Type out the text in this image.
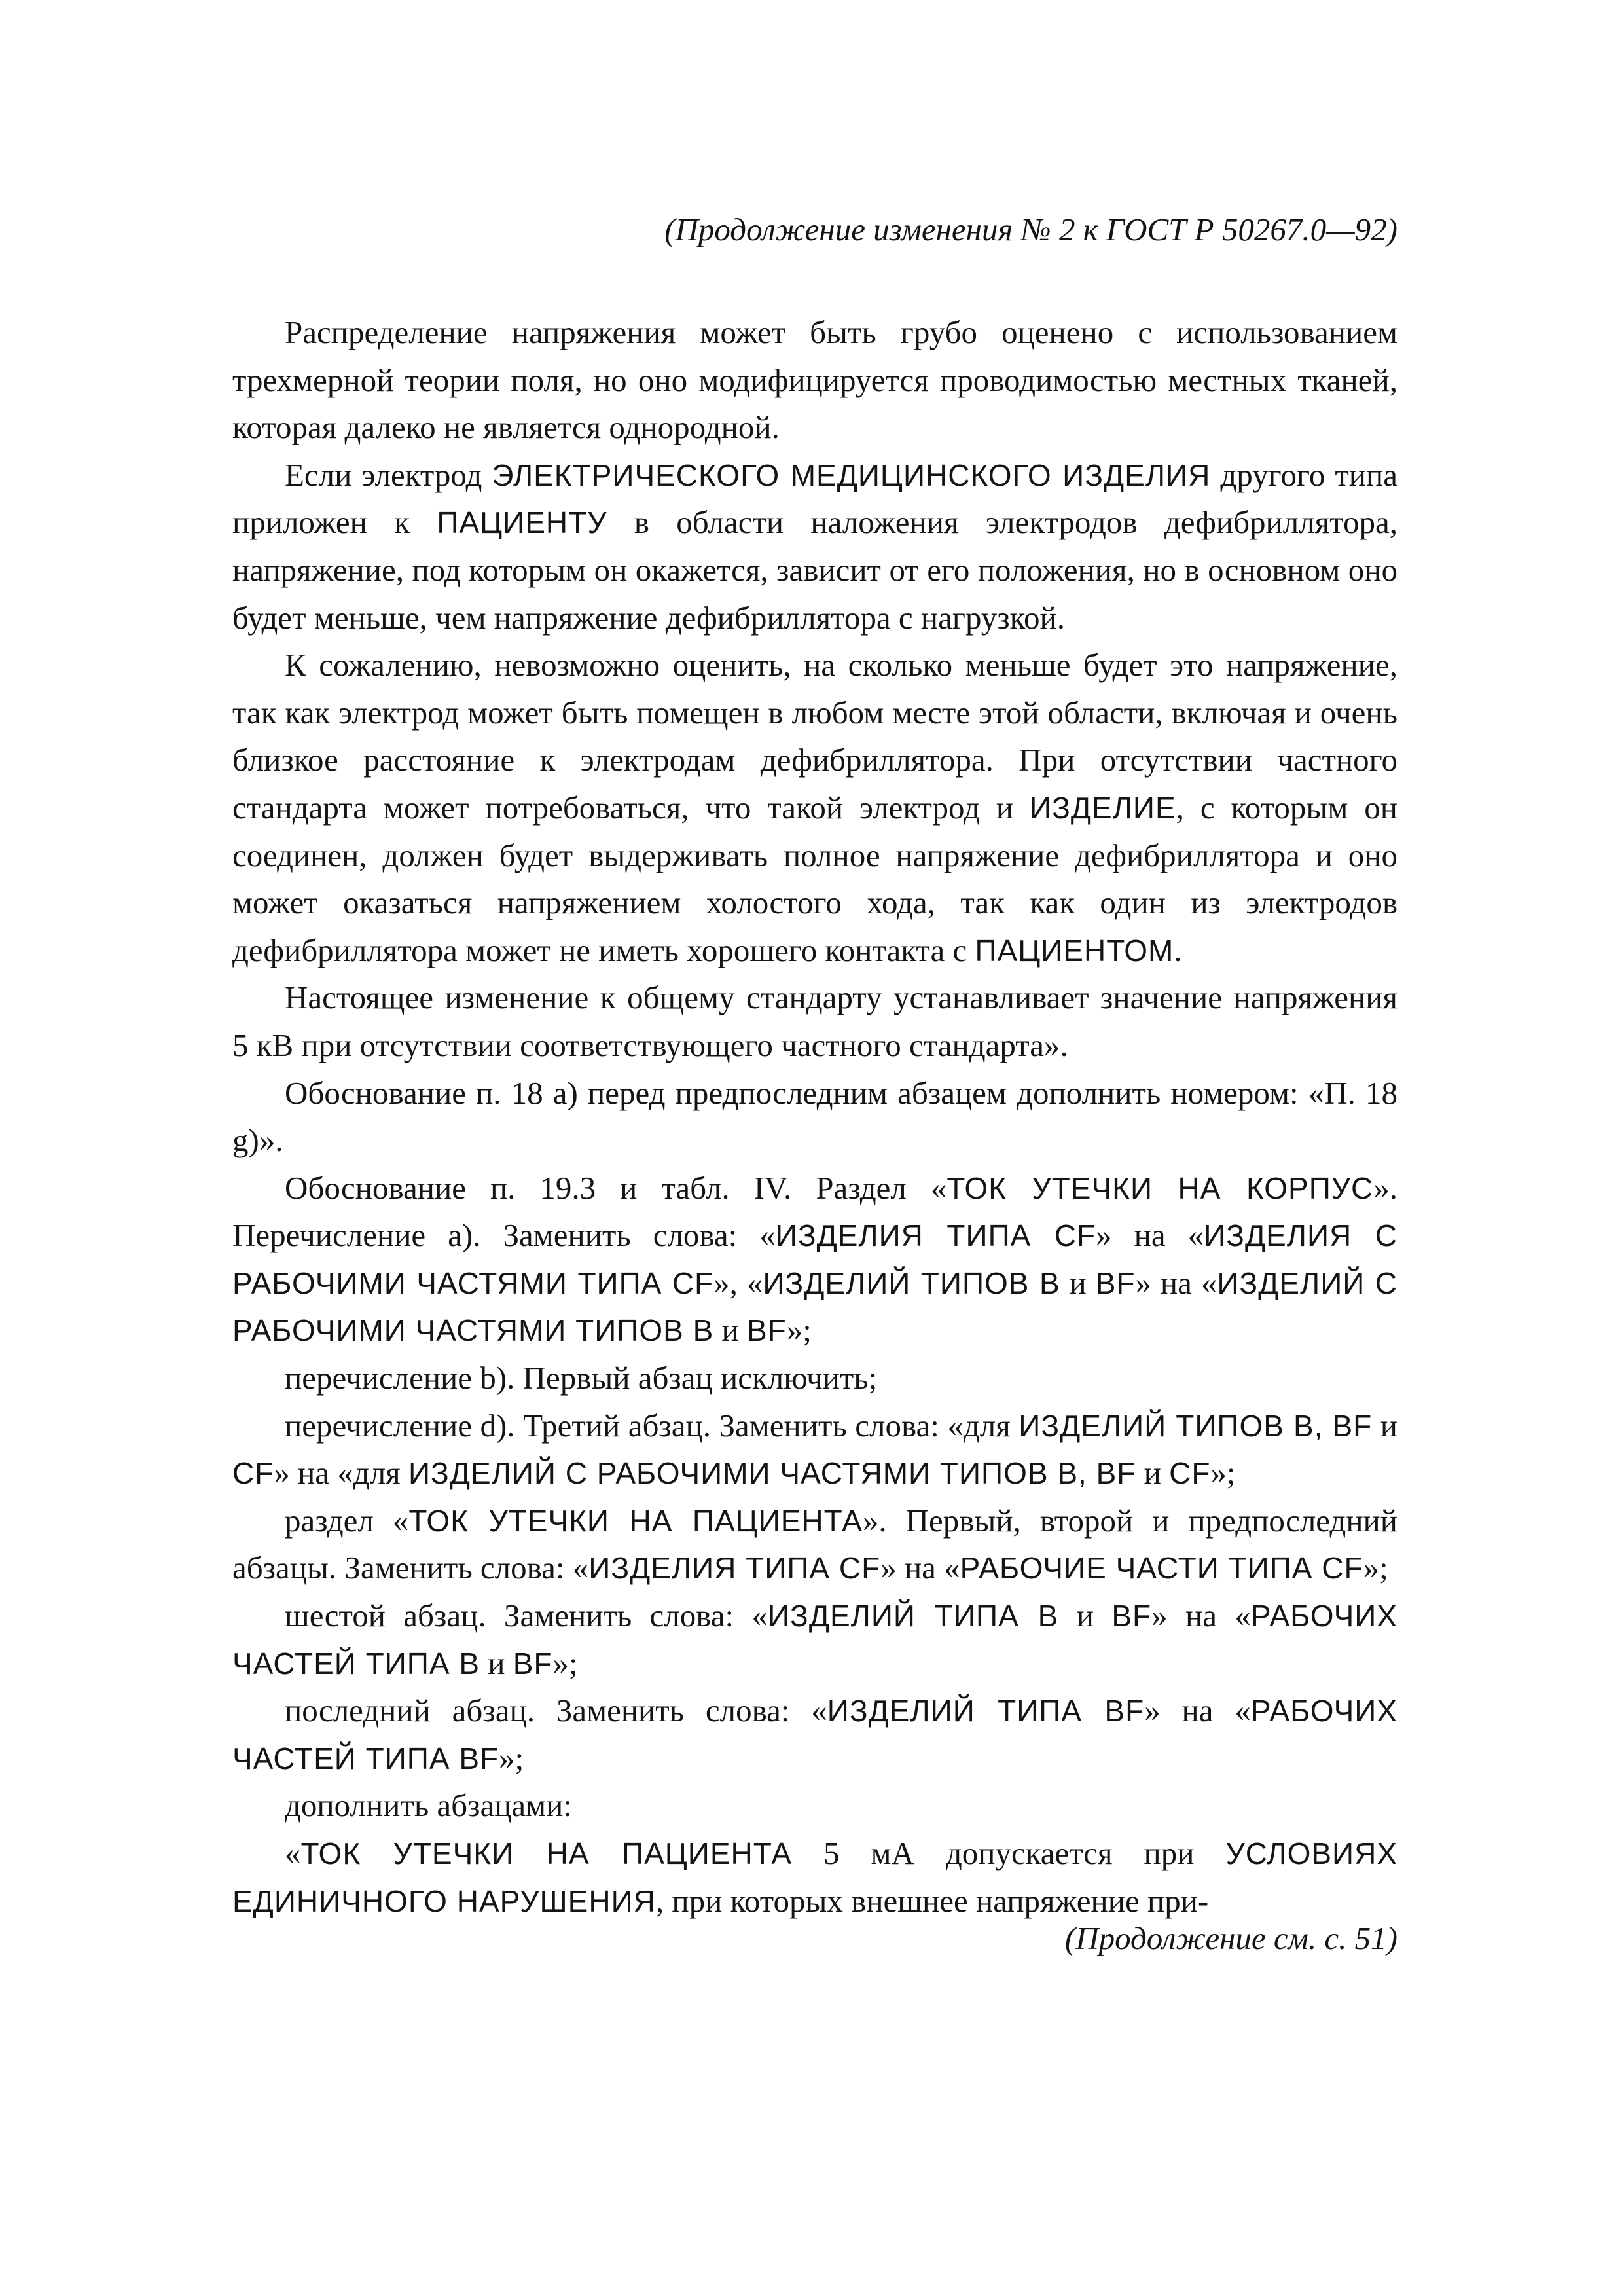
(Продолжение изменения № 2 к ГОСТ Р 50267.0—92)

Распределение напряжения может быть грубо оценено с использованием трехмерной теории поля, но оно модифицируется проводимостью местных тканей, которая далеко не является однородной.

Если электрод ЭЛЕКТРИЧЕСКОГО МЕДИЦИНСКОГО ИЗДЕЛИЯ другого типа приложен к ПАЦИЕНТУ в области наложения электродов дефибриллятора, напряжение, под которым он окажется, зависит от его положения, но в основном оно будет меньше, чем напряжение дефибриллятора с нагрузкой.

К сожалению, невозможно оценить, на сколько меньше будет это напряжение, так как электрод может быть помещен в любом месте этой области, включая и очень близкое расстояние к электродам дефибриллятора. При отсутствии частного стандарта может потребоваться, что такой электрод и ИЗДЕЛИЕ, с которым он соединен, должен будет выдерживать полное напряжение дефибриллятора и оно может оказаться напряжением холостого хода, так как один из электродов дефибриллятора может не иметь хорошего контакта с ПАЦИЕНТОМ.

Настоящее изменение к общему стандарту устанавливает значение напряжения 5 кВ при отсутствии соответствующего частного стандарта».

Обоснование п. 18 a) перед предпоследним абзацем дополнить номером: «П. 18 g)».

Обоснование п. 19.3 и табл. IV. Раздел «ТОК УТЕЧКИ НА КОРПУС». Перечисление a). Заменить слова: «ИЗДЕЛИЯ ТИПА CF» на «ИЗДЕЛИЯ С РАБОЧИМИ ЧАСТЯМИ ТИПА CF», «ИЗДЕЛИЙ ТИПОВ B и BF» на «ИЗДЕЛИЙ С РАБОЧИМИ ЧАСТЯМИ ТИПОВ B и BF»;

перечисление b). Первый абзац исключить;

перечисление d). Третий абзац. Заменить слова: «для ИЗДЕЛИЙ ТИПОВ B, BF и CF» на «для ИЗДЕЛИЙ С РАБОЧИМИ ЧАСТЯМИ ТИПОВ B, BF и CF»;

раздел «ТОК УТЕЧКИ НА ПАЦИЕНТА». Первый, второй и предпоследний абзацы. Заменить слова: «ИЗДЕЛИЯ ТИПА CF» на «РАБОЧИЕ ЧАСТИ ТИПА CF»;

шестой абзац. Заменить слова: «ИЗДЕЛИЙ ТИПА B и BF» на «РАБОЧИХ ЧАСТЕЙ ТИПА B и BF»;

последний абзац. Заменить слова: «ИЗДЕЛИЙ ТИПА BF» на «РАБОЧИХ ЧАСТЕЙ ТИПА BF»;

дополнить абзацами:

«ТОК УТЕЧКИ НА ПАЦИЕНТА 5 мА допускается при УСЛОВИЯХ ЕДИНИЧНОГО НАРУШЕНИЯ, при которых внешнее напряжение при-

(Продолжение см. с. 51)
